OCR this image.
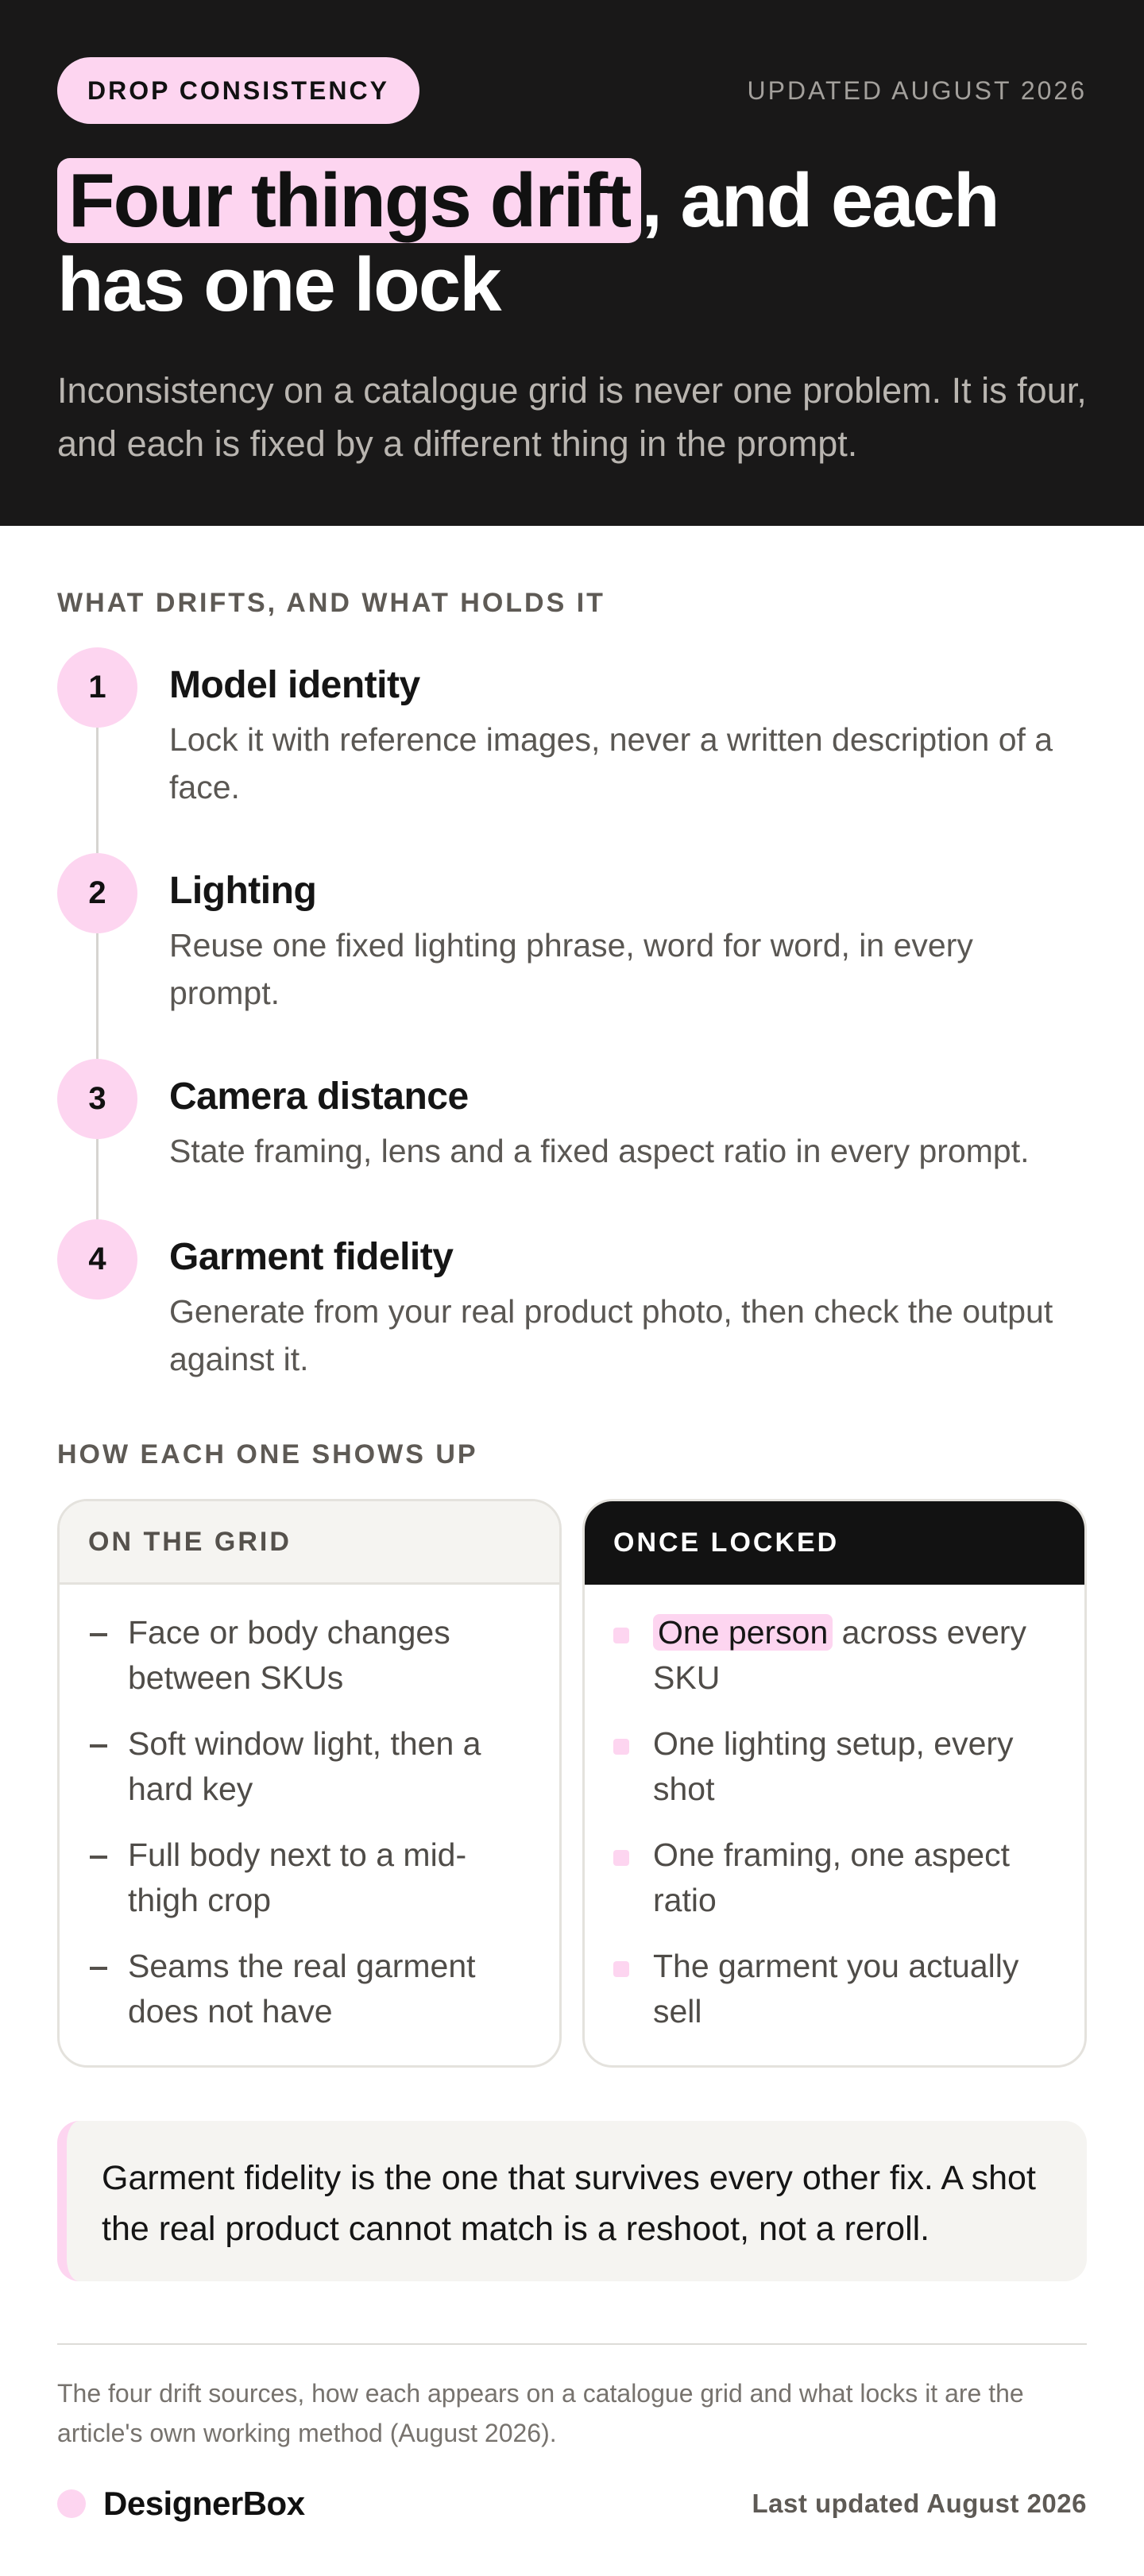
DROP CONSISTENCY	UPDATED AUGUST 2026
Four things drift , and each has one lock

Inconsistency on a catalogue grid is never one problem. It is four, and each is fixed by a different thing in the prompt.

WHAT DRIFTS, AND WHAT HOLDS IT
1	Model identity
Lock it with reference images, never a written description of a face.
2	Lighting
Reuse one fixed lighting phrase, word for word, in every prompt.
3	Camera distance
State framing, lens and a fixed aspect ratio in every prompt.
4	Garment fidelity
Generate from your real product photo, then check the output against it.
HOW EACH ONE SHOWS UP
ON THE GRID
Face or body changes between SKUs
Soft window light, then a hard key
Full body next to a mid-thigh crop
Seams the real garment does not have
ONCE LOCKED
One person across every SKU
One lighting setup, every shot
One framing, one aspect ratio
The garment you actually sell
Garment fidelity is the one that survives every other fix. A shot the real product cannot match is a reshoot, not a reroll.

The four drift sources, how each appears on a catalogue grid and what locks it are the article's own working method (August 2026).

DesignerBox	Last updated August 2026
